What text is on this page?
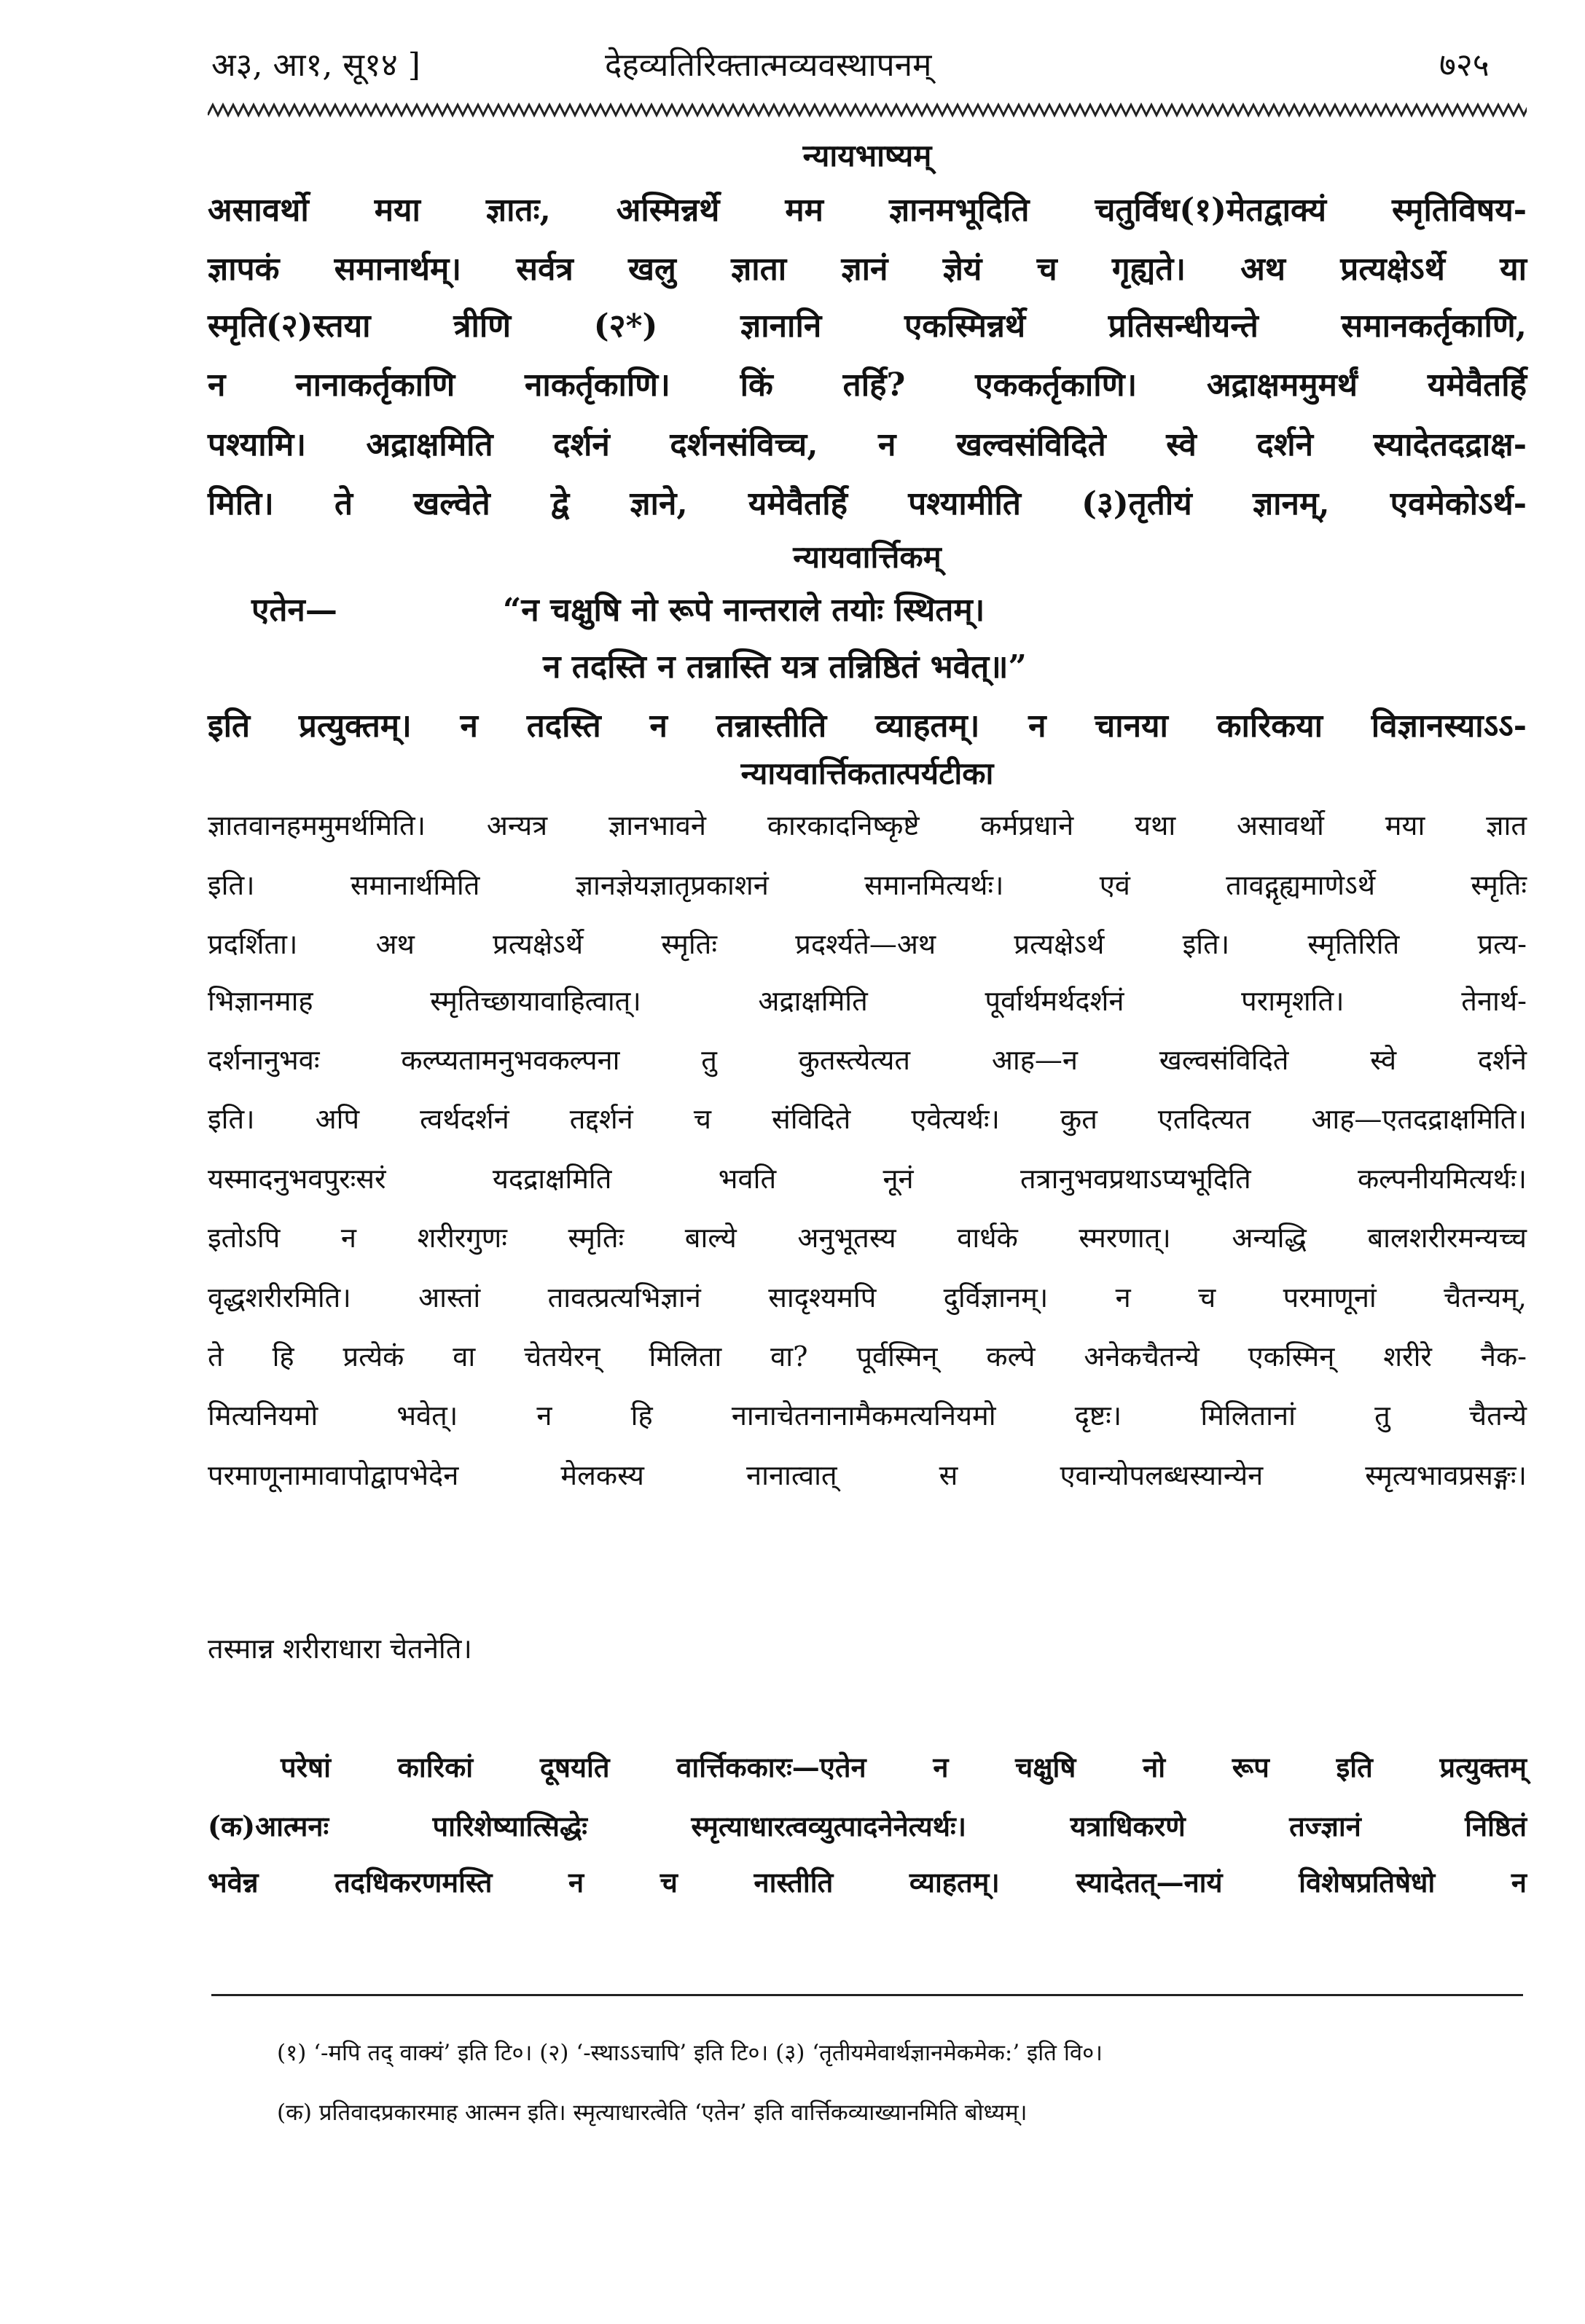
अ३, आ१, सू१४ ]	देहव्यतिरिक्तात्मव्यवस्थापनम्	७२५
न्यायभाष्यम्
असावर्थो मया ज्ञातः, अस्मिन्नर्थे मम ज्ञानमभूदिति चतुर्विध(१)मेतद्वाक्यं स्मृतिविषय-
ज्ञापकं समानार्थम्। सर्वत्र खलु ज्ञाता ज्ञानं ज्ञेयं च गृह्यते। अथ प्रत्यक्षेऽर्थे या
स्मृति(२)स्तया त्रीणि (२*) ज्ञानानि एकस्मिन्नर्थे प्रतिसन्धीयन्ते समानकर्तृकाणि,
न नानाकर्तृकाणि नाकर्तृकाणि। किं तर्हि? एककर्तृकाणि। अद्राक्षममुमर्थं यमेवैतर्हि
पश्यामि। अद्राक्षमिति दर्शनं दर्शनसंविच्च, न खल्वसंविदिते स्वे दर्शने स्यादेतदद्राक्ष-
मिति। ते खल्वेते द्वे ज्ञाने, यमेवैतर्हि पश्यामीति (३)तृतीयं ज्ञानम्, एवमेकोऽर्थ-
न्यायवार्त्तिकम्
एतेन—	“न चक्षुषि नो रूपे नान्तराले तयोः स्थितम्।
न तदस्ति न तन्नास्ति यत्र तन्निष्ठितं भवेत्॥”
इति प्रत्युक्तम्। न तदस्ति न तन्नास्तीति व्याहतम्। न चानया कारिकया विज्ञानस्याऽऽ-
न्यायवार्त्तिकतात्पर्यटीका
ज्ञातवानहममुमर्थमिति। अन्यत्र ज्ञानभावने कारकादनिष्कृष्टे कर्मप्रधाने यथा असावर्थो मया ज्ञात
इति। समानार्थमिति ज्ञानज्ञेयज्ञातृप्रकाशनं समानमित्यर्थः। एवं तावद्गृह्यमाणेऽर्थे स्मृतिः
प्रदर्शिता। अथ प्रत्यक्षेऽर्थे स्मृतिः प्रदर्श्यते—अथ प्रत्यक्षेऽर्थ इति। स्मृतिरिति प्रत्य-
भिज्ञानमाह स्मृतिच्छायावाहित्वात्। अद्राक्षमिति पूर्वार्थमर्थदर्शनं परामृशति। तेनार्थ-
दर्शनानुभवः कल्प्यतामनुभवकल्पना तु कुतस्त्येत्यत आह—न खल्वसंविदिते स्वे दर्शने
इति। अपि त्वर्थदर्शनं तद्दर्शनं च संविदिते एवेत्यर्थः। कुत एतदित्यत आह—एतदद्राक्षमिति।
यस्मादनुभवपुरःसरं यदद्राक्षमिति भवति नूनं तत्रानुभवप्रथाऽप्यभूदिति कल्पनीयमित्यर्थः।
इतोऽपि न शरीरगुणः स्मृतिः बाल्ये अनुभूतस्य वार्धके स्मरणात्। अन्यद्धि बालशरीरमन्यच्च
वृद्धशरीरमिति। आस्तां तावत्प्रत्यभिज्ञानं सादृश्यमपि दुर्विज्ञानम्। न च परमाणूनां चैतन्यम्,
ते हि प्रत्येकं वा चेतयेरन् मिलिता वा? पूर्वस्मिन् कल्पे अनेकचैतन्ये एकस्मिन् शरीरे नैक-
मित्यनियमो भवेत्। न हि नानाचेतनानामैकमत्यनियमो दृष्टः। मिलितानां तु चैतन्ये
परमाणूनामावापोद्वापभेदेन मेलकस्य नानात्वात् स एवान्योपलब्धस्यान्येन स्मृत्यभावप्रसङ्गः।
तस्मान्न शरीराधारा चेतनेति।
परेषां कारिकां दूषयति वार्त्तिककारः—एतेन न चक्षुषि नो रूप इति प्रत्युक्तम्
(क)आत्मनः पारिशेष्यात्सिद्धेः स्मृत्याधारत्वव्युत्पादनेनेत्यर्थः। यत्राधिकरणे तज्ज्ञानं निष्ठितं
भवेन्न तदधिकरणमस्ति न च नास्तीति व्याहतम्। स्यादेतत्—नायं विशेषप्रतिषेधो न
(१) ‘-मपि तद् वाक्यं’ इति टि०। (२) ‘-स्थाऽऽचापि’ इति टि०। (३) ‘तृतीयमेवार्थज्ञानमेकमेक:’ इति वि०।
(क) प्रतिवादप्रकारमाह आत्मन इति। स्मृत्याधारत्वेति ‘एतेन’ इति वार्त्तिकव्याख्यानमिति बोध्यम्।
